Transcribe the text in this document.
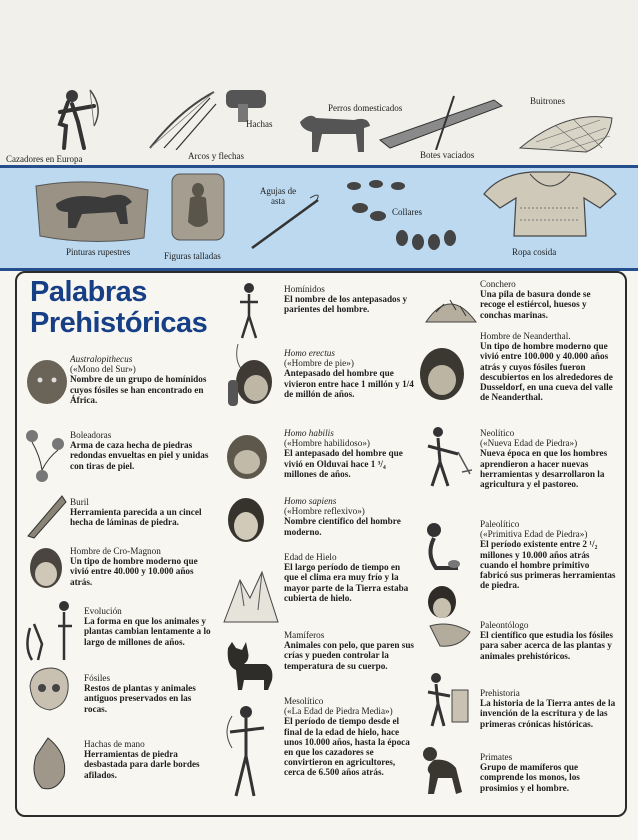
Cazadores en Europa	Arcos y flechas
Hachas
Perros domesticados
Botes vaciados
Buitrones
Pinturas rupestres	Figuras talladas
Agujas de asta
Collares
Ropa cosida
Palabras
Prehistóricas
Australopithecus
(«Mono del Sur»)
Nombre de un grupo de homínidos cuyos fósiles se han encontrado en África.
Boleadoras
Arma de caza hecha de piedras redondas envueltas en piel y unidas con tiras de piel.
Buril
Herramienta parecida a un cincel hecha de láminas de piedra.
Hombre de Cro-Magnon
Un tipo de hombre moderno que vivió entre 40.000 y 10.000 años atrás.
Evolución
La forma en que los animales y plantas cambian lentamente a lo largo de millones de años.
Fósiles
Restos de plantas y animales antiguos preservados en las rocas.
Hachas de mano
Herramientas de piedra desbastada para darle bordes afilados.
Homínidos
El nombre de los antepasados y parientes del hombre.
Homo erectus
(«Hombre de pie»)
Antepasado del hombre que vivieron entre hace 1 millón y 1/4 de millón de años.
Homo habilis
(«Hombre habilidoso»)
El antepasado del hombre que vivió en Olduvai hace 1 ³/₄ millones de años.
Homo sapiens
(«Hombre reflexivo»)
Nombre científico del hombre moderno.
Edad de Hielo
El largo período de tiempo en que el clima era muy frío y la mayor parte de la Tierra estaba cubierta de hielo.
Mamíferos
Animales con pelo, que paren sus crías y pueden controlar la temperatura de su cuerpo.
Mesolítico
(«La Edad de Piedra Media»)
El período de tiempo desde el final de la edad de hielo, hace unos 10.000 años, hasta la época en que los cazadores se convirtieron en agricultores, cerca de 6.500 años atrás.
Conchero
Una pila de basura donde se recoge el estiércol, huesos y conchas marinas.
Hombre de Neanderthal.
Un tipo de hombre moderno que vivió entre 100.000 y 40.000 años atrás y cuyos fósiles fueron descubiertos en los alrededores de Dusseldorf, en una cueva del valle de Neanderthal.
Neolítico
(«Nueva Edad de Piedra»)
Nueva época en que los hombres aprendieron a hacer nuevas herramientas y desarrollaron la agricultura y el pastoreo.
Paleolítico
(«Primitiva Edad de Piedra»)
El período existente entre 2 ¹/₂ millones y 10.000 años atrás cuando el hombre primitivo fabricó sus primeras herramientas de piedra.
Paleontólogo
El científico que estudia los fósiles para saber acerca de las plantas y animales prehistóricos.
Prehistoria
La historia de la Tierra antes de la invención de la escritura y de las primeras crónicas históricas.
Primates
Grupo de mamíferos que comprende los monos, los prosimios y el hombre.
